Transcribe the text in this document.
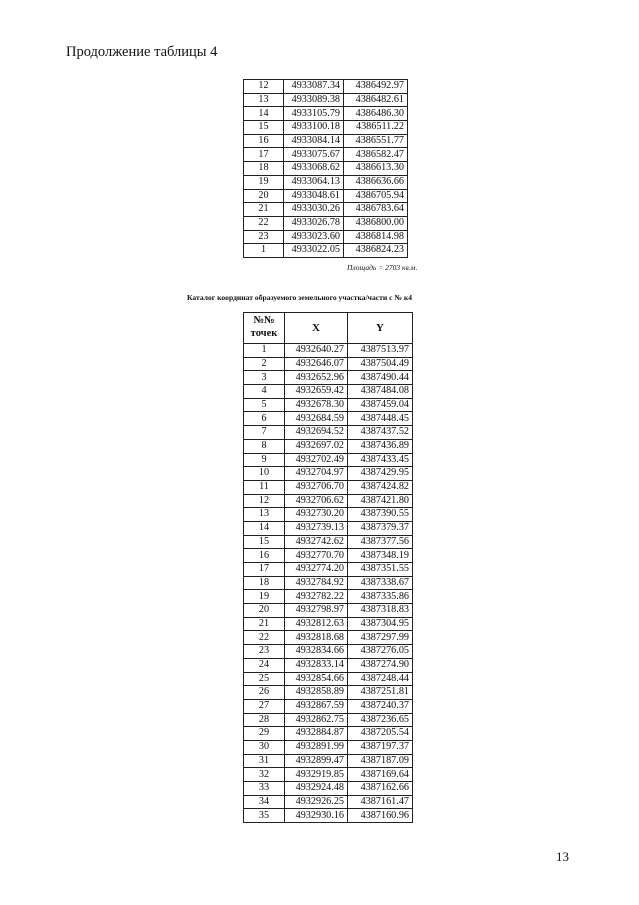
Продолжение таблицы 4
12	4933087.34	4386492.97
13	4933089.38	4386482.61
14	4933105.79	4386486.30
15	4933100.18	4386511.22
16	4933084.14	4386551.77
17	4933075.67	4386582.47
18	4933068.62	4386613.30
19	4933064.13	4386636.66
20	4933048.61	4386705.94
21	4933030.26	4386783.64
22	4933026.78	4386800.00
23	4933023.60	4386814.98
1	4933022.05	4386824.23
Площадь = 2703 кв.м.
Каталог координат образуемого земельного участка/части с № к4
№№ точек	X	Y
1	4932640.27	4387513.97
2	4932646.07	4387504.49
3	4932652.96	4387490.44
4	4932659.42	4387484.08
5	4932678.30	4387459.04
6	4932684.59	4387448.45
7	4932694.52	4387437.52
8	4932697.02	4387436.89
9	4932702.49	4387433.45
10	4932704.97	4387429.95
11	4932706.70	4387424.82
12	4932706.62	4387421.80
13	4932730.20	4387390.55
14	4932739.13	4387379.37
15	4932742.62	4387377.56
16	4932770.70	4387348.19
17	4932774.20	4387351.55
18	4932784.92	4387338.67
19	4932782.22	4387335.86
20	4932798.97	4387318.83
21	4932812.63	4387304.95
22	4932818.68	4387297.99
23	4932834.66	4387276.05
24	4932833.14	4387274.90
25	4932854.66	4387248.44
26	4932858.89	4387251.81
27	4932867.59	4387240.37
28	4932862.75	4387236.65
29	4932884.87	4387205.54
30	4932891.99	4387197.37
31	4932899.47	4387187.09
32	4932919.85	4387169.64
33	4932924.48	4387162.66
34	4932926.25	4387161.47
35	4932930.16	4387160.96
13
